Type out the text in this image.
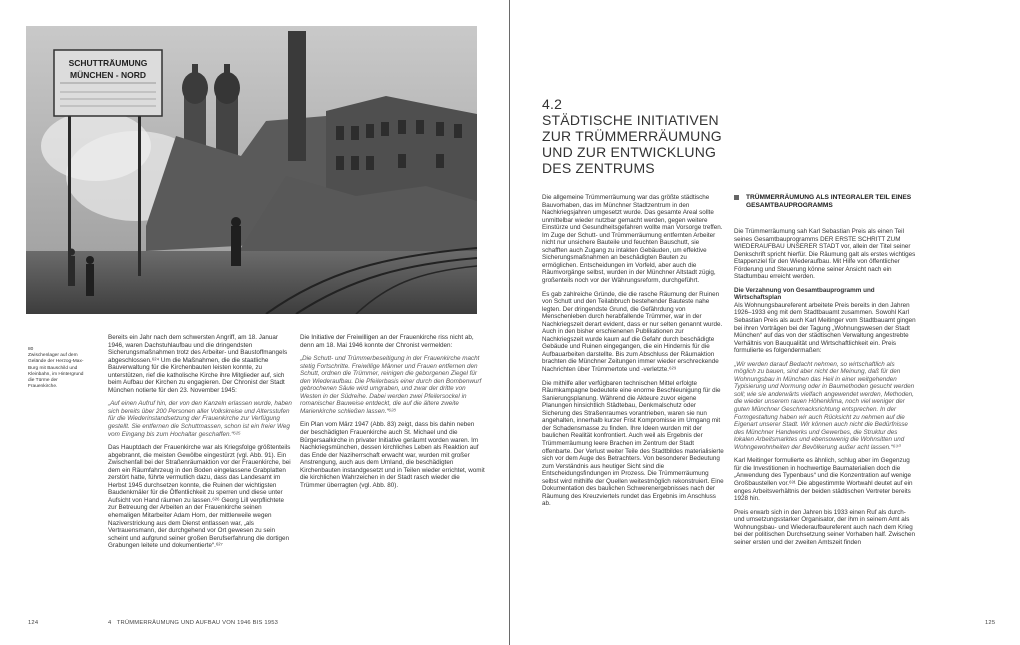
SCHUTTRÄUMUNG
MÜNCHEN - NORD
80
Zwischenlager auf dem Gelände der Herzog-Max-Burg mit Bauschild und Kleinbahn, im Hintergrund die Türme der Frauenkirche.

Bereits ein Jahr nach dem schwersten Angriff, am 18. Januar 1946, waren Dachstuhlaufbau und die dringendsten Sicherungsmaßnahmen trotz des Arbeiter- und Baustoffmangels abgeschlossen.⁶²⁴ Um die Maßnahmen, die die staatliche Bauverwaltung für die Kirchenbauten leisten konnte, zu unterstützen, rief die katholische Kirche ihre Mitglieder auf, sich beim Aufbau der Kirchen zu engagieren. Der Chronist der Stadt München notierte für den 23. November 1945:

„Auf einen Aufruf hin, der von den Kanzeln erlassen wurde, haben sich bereits über 200 Personen aller Volkskreise und Altersstufen für die Wiederinstandsetzung der Frauenkirche zur Verfügung gestellt. Sie entfernen die Schuttmassen, schon ist ein freier Weg vom Eingang bis zum Hochaltar geschaffen.“⁶²⁵

Das Hauptdach der Frauenkirche war als Kriegsfolge größtenteils abgebrannt, die meisten Gewölbe eingestürzt (vgl. Abb. 91). Ein Zwischenfall bei der Straßenräumaktion vor der Frauenkirche, bei dem ein Räumfahrzeug in den Boden eingelassene Grabplatten zerstört hatte, führte vermutlich dazu, dass das Landesamt im Herbst 1945 durchsetzen konnte, die Ruinen der wichtigsten Baudenkmäler für die Öffentlichkeit zu sperren und diese unter Aufsicht von Hand räumen zu lassen.⁶²⁶ Georg Lill verpflichtete zur Betreuung der Arbeiten an der Frauenkirche seinen ehemaligen Mitarbeiter Adam Horn, der mittlerweile wegen Naziverstrickung aus dem Dienst entlassen war, „als Vertrauensmann, der durchgehend vor Ort gewesen zu sein scheint und aufgrund seiner großen Berufserfahrung die dortigen Grabungen leitete und dokumentierte“.⁶²⁷

Die Initiative der Freiwilligen an der Frauenkirche riss nicht ab, denn am 18. Mai 1946 konnte der Chronist vermelden:

„Die Schutt- und Trümmerbeseitigung in der Frauenkirche macht stetig Fortschritte. Freiwillige Männer und Frauen entfernen den Schutt, ordnen die Trümmer, reinigen die geborgenen Ziegel für den Wiederaufbau. Die Pfeilerbasis einer durch den Bombenwurf gebrochenen Säule wird umgraben, und zwar der dritte von Westen in der Südreihe. Dabei werden zwei Pfeilersockel in romanischer Bauweise entdeckt, die auf die ältere zweite Marienkirche schließen lassen.“⁶²⁸

Ein Plan vom März 1947 (Abb. 83) zeigt, dass bis dahin neben der beschädigten Frauenkirche auch St. Michael und die Bürgersaalkirche in privater Initiative geräumt worden waren. Im Nachkriegsmünchen, dessen kirchliches Leben als Reaktion auf das Ende der Naziherrschaft erwacht war, wurden mit großer Anstrengung, auch aus dem Umland, die beschädigten Kirchenbauten instandgesetzt und in Teilen wieder errichtet, womit die kirchlichen Wahrzeichen in der Stadt rasch wieder die Trümmer überragten (vgl. Abb. 80).

124	4 TRÜMMERRÄUMUNG UND AUFBAU VON 1946 BIS 1953
4.2
STÄDTISCHE INITIATIVEN
ZUR TRÜMMERRÄUMUNG
UND ZUR ENTWICKLUNG
DES ZENTRUMS

Die allgemeine Trümmerräumung war das größte städtische Bauvorhaben, das im Münchner Stadtzentrum in den Nachkriegsjahren umgesetzt wurde. Das gesamte Areal sollte unmittelbar wieder nutzbar gemacht werden, gegen weitere Einstürze und Gesundheitsgefahren wollte man Vorsorge treffen. Im Zuge der Schutt- und Trümmerräumung entfernten Arbeiter nicht nur unsichere Bauteile und feuchten Bauschutt, sie schafften auch Zugang zu intakten Gebäuden, um effektive Sicherungsmaßnahmen an beschädigten Bauten zu ermöglichen. Entscheidungen im Vorfeld, aber auch die Räumvorgänge selbst, wurden in der Münchner Altstadt zügig, großenteils noch vor der Währungsreform, durchgeführt.

Es gab zahlreiche Gründe, die die rasche Räumung der Ruinen von Schutt und den Teilabbruch bestehender Bauteste nahe legten. Der dringendste Grund, die Gefährdung von Menschenleben durch herabfallende Trümmer, war in der Nachkriegszeit derart evident, dass er nur selten genannt wurde. Auch in den bisher erschienenen Publikationen zur Nachkriegszeit wurde kaum auf die Gefahr durch beschädigte Gebäude und Ruinen eingegangen, die ein Hindernis für die Aufbauarbeiten darstellte. Bis zum Abschluss der Räumaktion brachten die Münchner Zeitungen immer wieder erschreckende Nachrichten über Trümmertote und -verletzte.⁶²⁹

Die mithilfe aller verfügbaren technischen Mittel erfolgte Räumkampagne bedeutete eine enorme Beschleunigung für die Sanierungsplanung. Während die Akteure zuvor eigene Planungen hinsichtlich Städtebau, Denkmalschutz oder Sicherung des Straßenraumes vorantrieben, waren sie nun angehalten, innerhalb kurzer Frist Kompromisse im Umgang mit der Schadensmasse zu finden. Ihre Ideen wurden mit der baulichen Realität konfrontiert. Auch weil als Ergebnis der Trümmerräumung leere Brachen im Zentrum der Stadt offenbarte. Der Verlust weiter Teile des Stadtbildes materialisierte sich vor dem Auge des Betrachters. Von besonderer Bedeutung zum Verständnis aus heutiger Sicht sind die Entscheidungsfindungen im Prozess. Die Trümmerräumung selbst wird mithilfe der Quellen weitestmöglich rekonstruiert. Eine Dokumentation des baulichen Schwerenergebnisses nach der Räumung des Kreuzviertels rundet das Ergebnis im Anschluss ab.

TRÜMMERRÄUMUNG ALS INTEGRALER TEIL EINES GESAMTBAUPROGRAMMS

Die Trümmerräumung sah Karl Sebastian Preis als einen Teil seines Gesamtbauprogramms DER ERSTE SCHRITT ZUM WIEDERAUFBAU UNSERER STADT vor, allein der Titel seiner Denkschrift spricht hierfür. Die Räumung galt als erstes wichtiges Etappenziel für den Wiederaufbau. Mit Hilfe von öffentlicher Förderung und Steuerung könne seiner Ansicht nach ein Stadtumbau erreicht werden.

Die Verzahnung von Gesamtbauprogramm und Wirtschaftsplan

Als Wohnungsbaureferent arbeitete Preis bereits in den Jahren 1926–1933 eng mit dem Stadtbauamt zusammen. Sowohl Karl Sebastian Preis als auch Karl Meitinger vom Stadtbauamt gingen bei ihren Vorträgen bei der Tagung „Wohnungswesen der Stadt München“ auf das von der städtischen Verwaltung angestrebte Verhältnis von Bauqualität und Wirtschaftlichkeit ein. Preis formulierte es folgendermaßen:

„Wir werden darauf Bedacht nehmen, so wirtschaftlich als möglich zu bauen, sind aber nicht der Meinung, daß für den Wohnungsbau in München das Heil in einer weitgehenden Typisierung und Normung oder in Baumethoden gesucht werden soll; wie sie anderwärts vielfach angewendet werden, Methoden, die wieder unserem rauen Höhenklima, noch viel weniger der guten Münchner Geschmacksrichtung entsprechen. In der Formgestaltung haben wir auch Rücksicht zu nehmen auf die Eigenart unserer Stadt. Wir können auch nicht die Bedürfnisse des Münchner Handwerks und Gewerbes, die Struktur des lokalen Arbeitsmarktes und ebensowenig die Wohnsitten und Wohngewohnheiten der Bevölkerung außer acht lassen.“⁶³⁰

Karl Meitinger formulierte es ähnlich, schlug aber im Gegenzug für die Investitionen in hochwertige Baumaterialien doch die „Anwendung des Typenbaus“ und die Konzentration auf wenige Großbaustellen vor.⁶³¹ Die abgestimmte Wortwahl deutet auf ein enges Arbeitsverhältnis der beiden städtischen Vertreter bereits 1928 hin.

Preis erwarb sich in den Jahren bis 1933 einen Ruf als durch- und umsetzungsstarker Organisator, der ihm in seinem Amt als Wohnungsbau- und Wiederaufbaureferent auch nach dem Krieg bei der politischen Durchsetzung seiner Vorhaben half. Zwischen seiner ersten und der zweiten Amtszeit finden

125
